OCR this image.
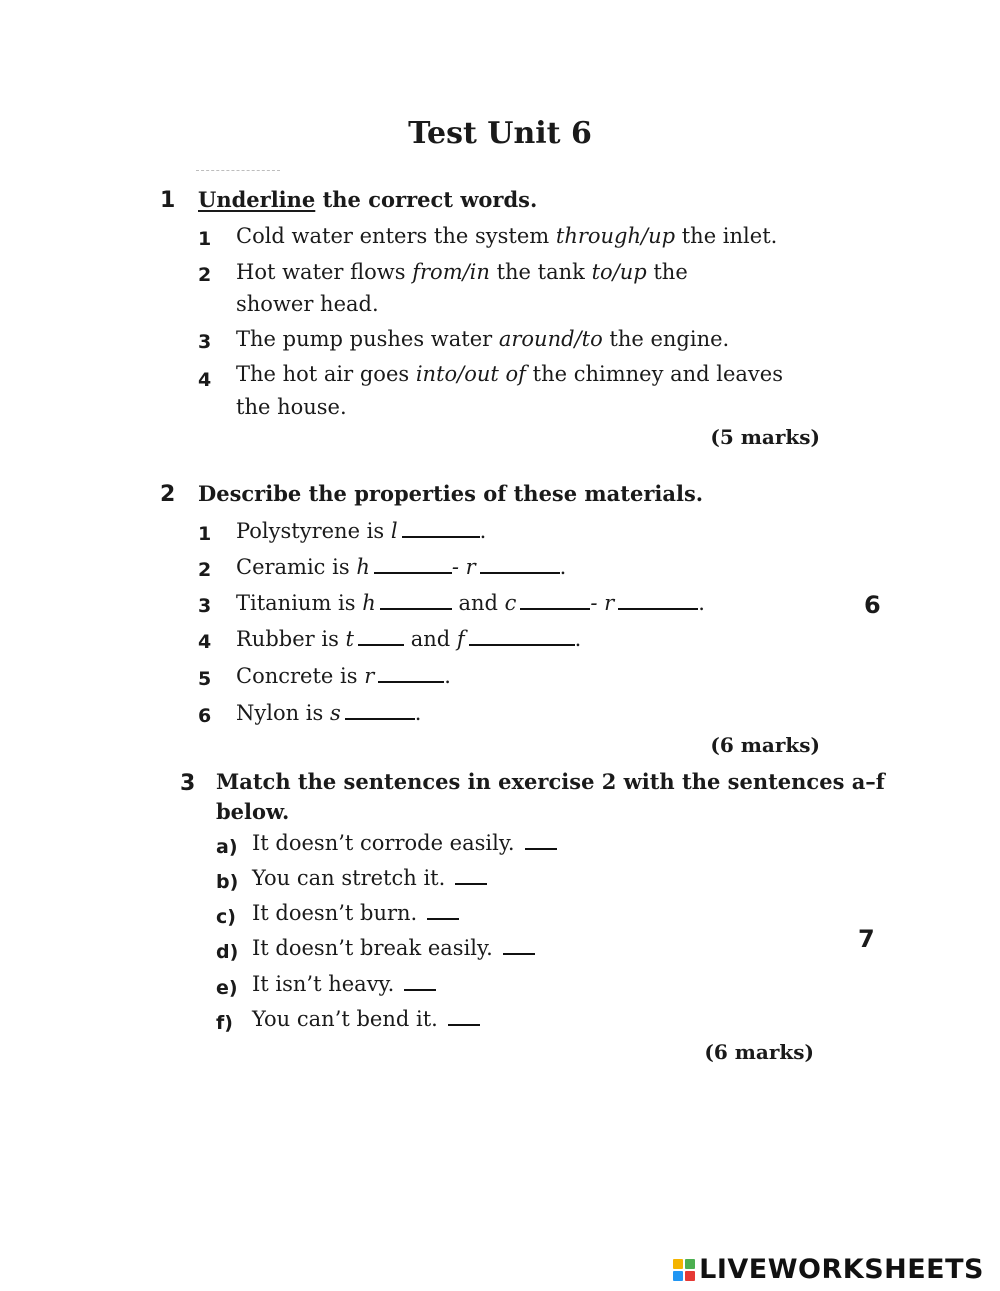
Test Unit 6
1 Underline the correct words.
1 Cold water enters the system through/up the inlet.
2 Hot water flows from/in the tank to/up the
shower head.
3 The pump pushes water around/to the engine.
4 The hot air goes into/out of the chimney and leaves
the house.
(5 marks)
2 Describe the properties of these materials.
1 Polystyrene is l	.
2 Ceramic is h	- r	.
3 Titanium is h	and c	- r	.	6
4 Rubber is t	and f	.
5 Concrete is r	.
6 Nylon is s	.
(6 marks)
3 Match the sentences in exercise 2 with the sentences a–f
below.
a) It doesn’t corrode easily.
b) You can stretch it.
c) It doesn’t burn.
d) It doesn’t break easily.	7
e) It isn’t heavy.
f) You can’t bend it.
(6 marks)
LIVEWORKSHEETS
